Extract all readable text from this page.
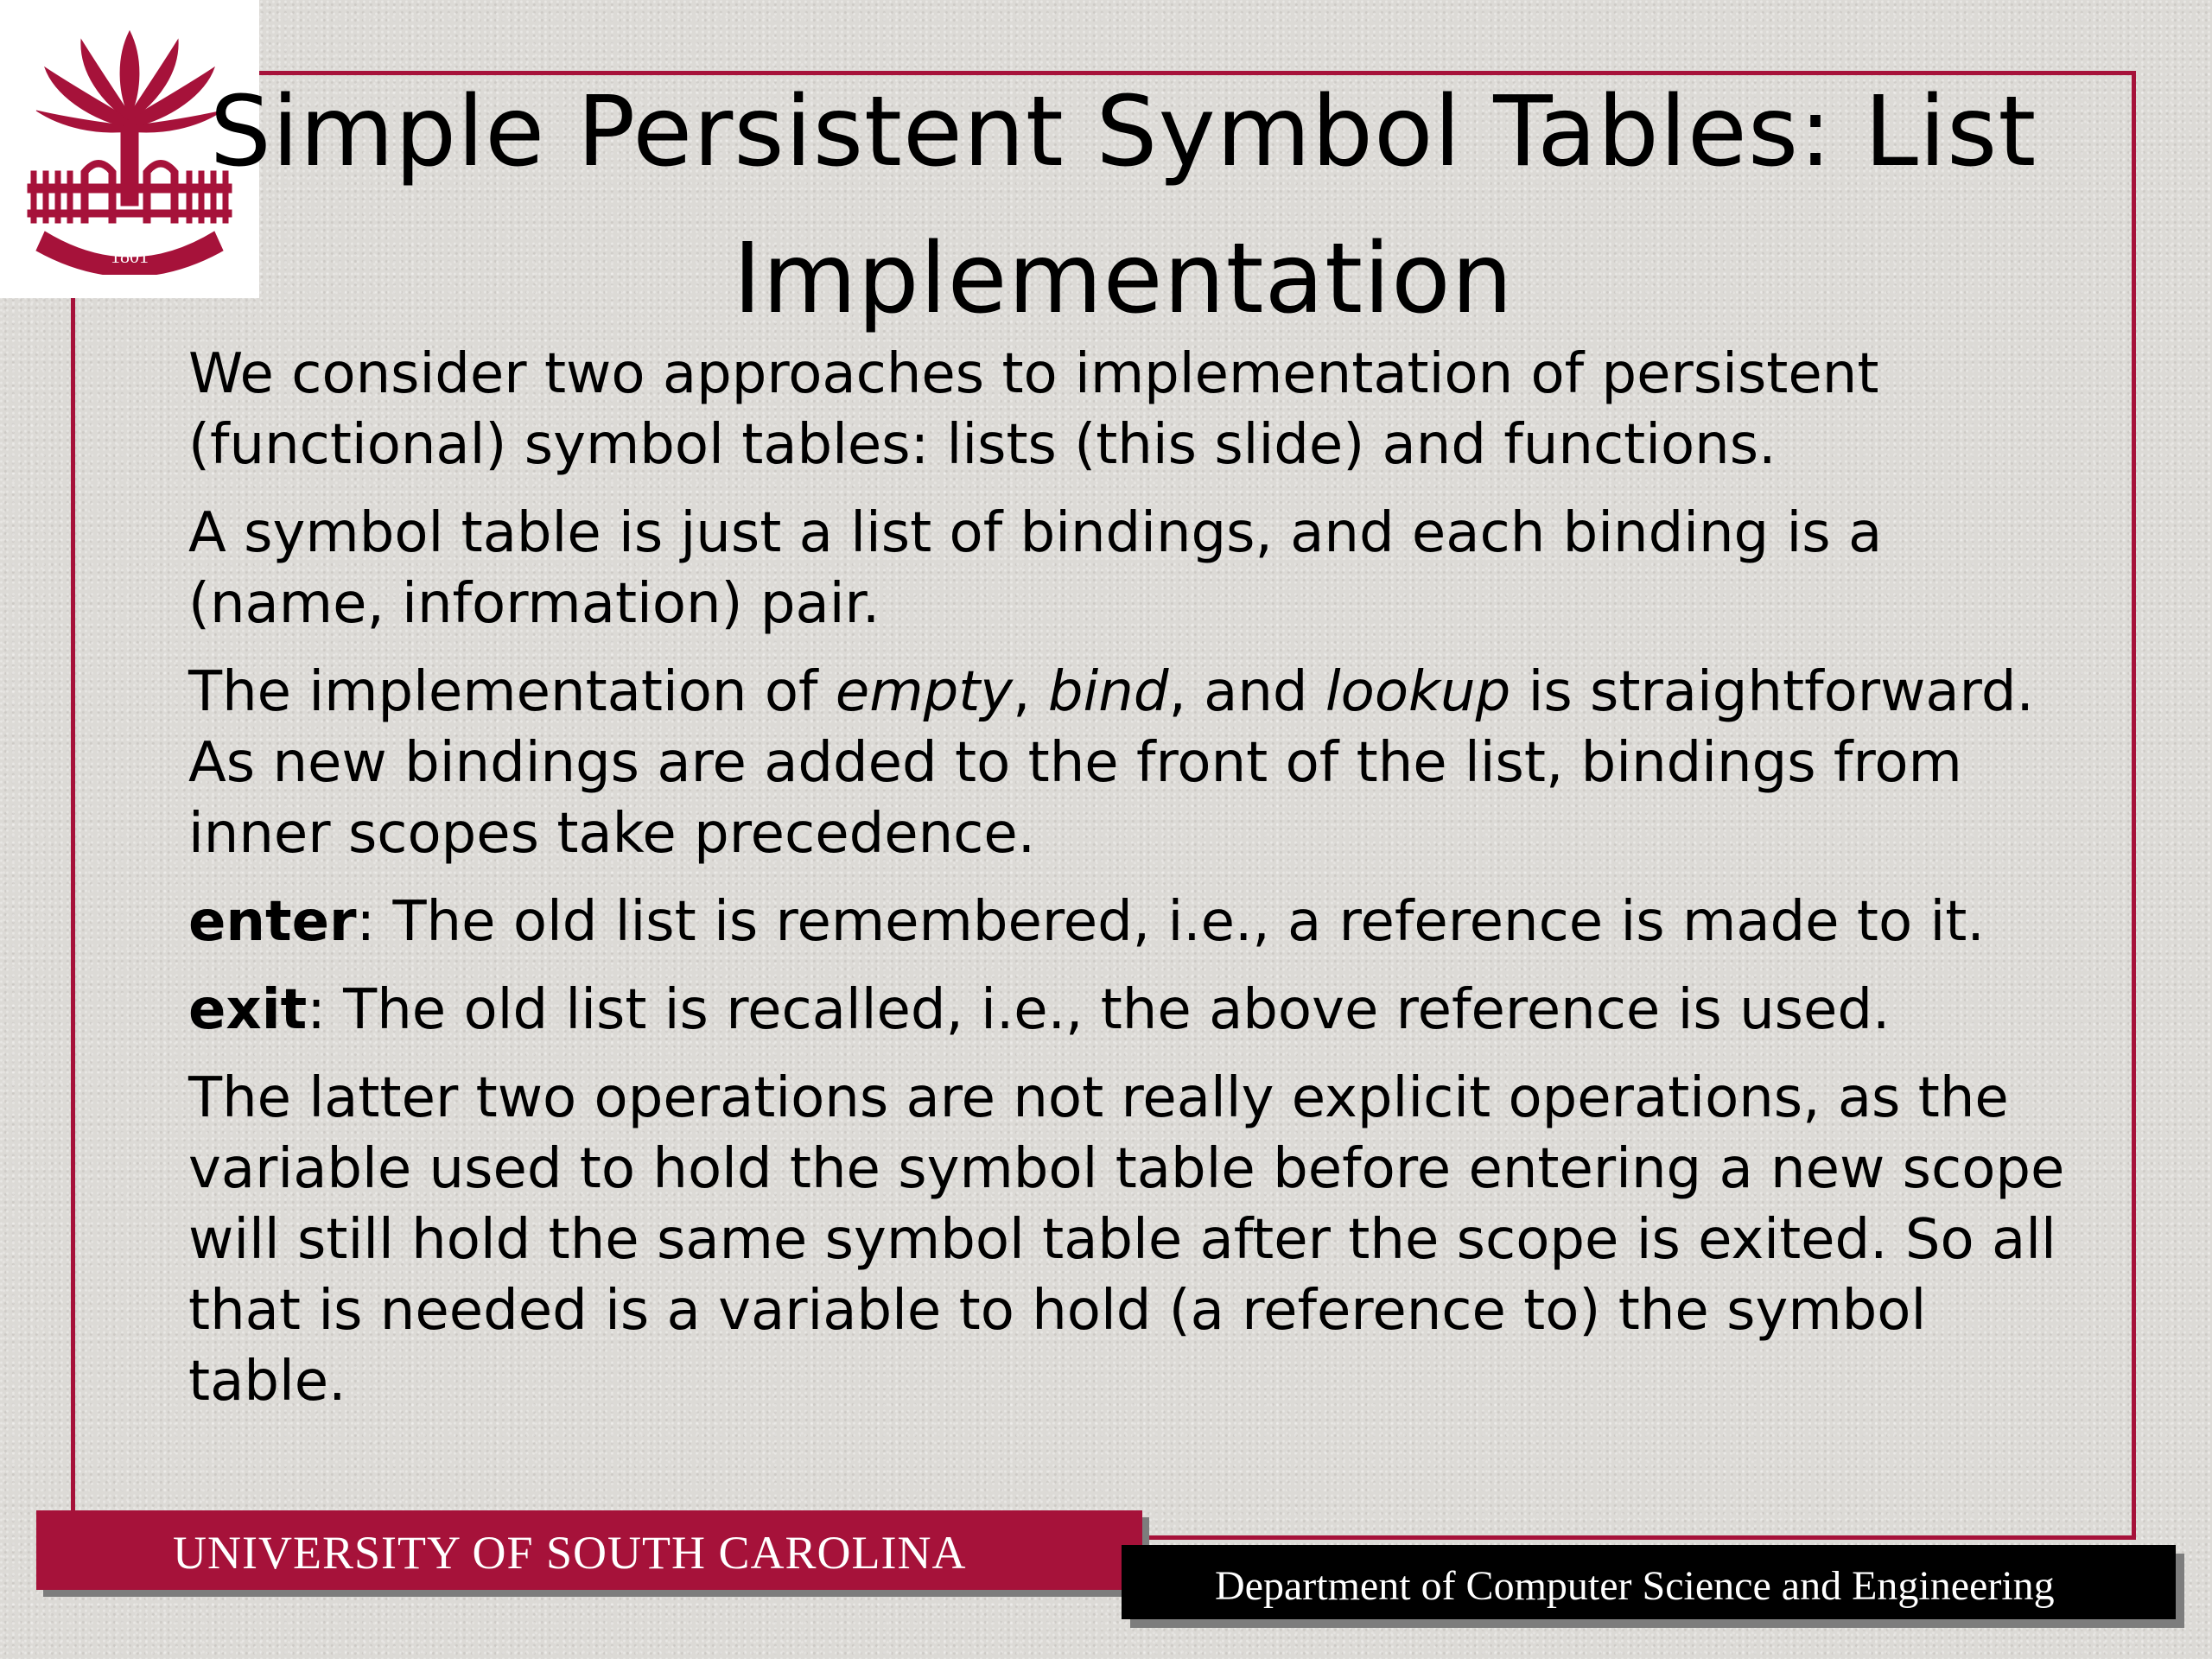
1801
Simple Persistent Symbol Tables: List Implementation

We consider two approaches to implementation of persistent (functional) symbol tables: lists (this slide) and functions.

A symbol table is just a list of bindings, and each binding is a (name, information) pair.

The implementation of empty, bind, and lookup is straightforward. As new bindings are added to the front of the list, bindings from inner scopes take precedence.

enter: The old list is remembered, i.e., a reference is made to it.

exit: The old list is recalled, i.e., the above reference is used.

The latter two operations are not really explicit operations, as the variable used to hold the symbol table before entering a new scope will still hold the same symbol table after the scope is exited. So all that is needed is a variable to hold (a reference to) the symbol table.

UNIVERSITY OF SOUTH CAROLINA
Department of Computer Science and Engineering
